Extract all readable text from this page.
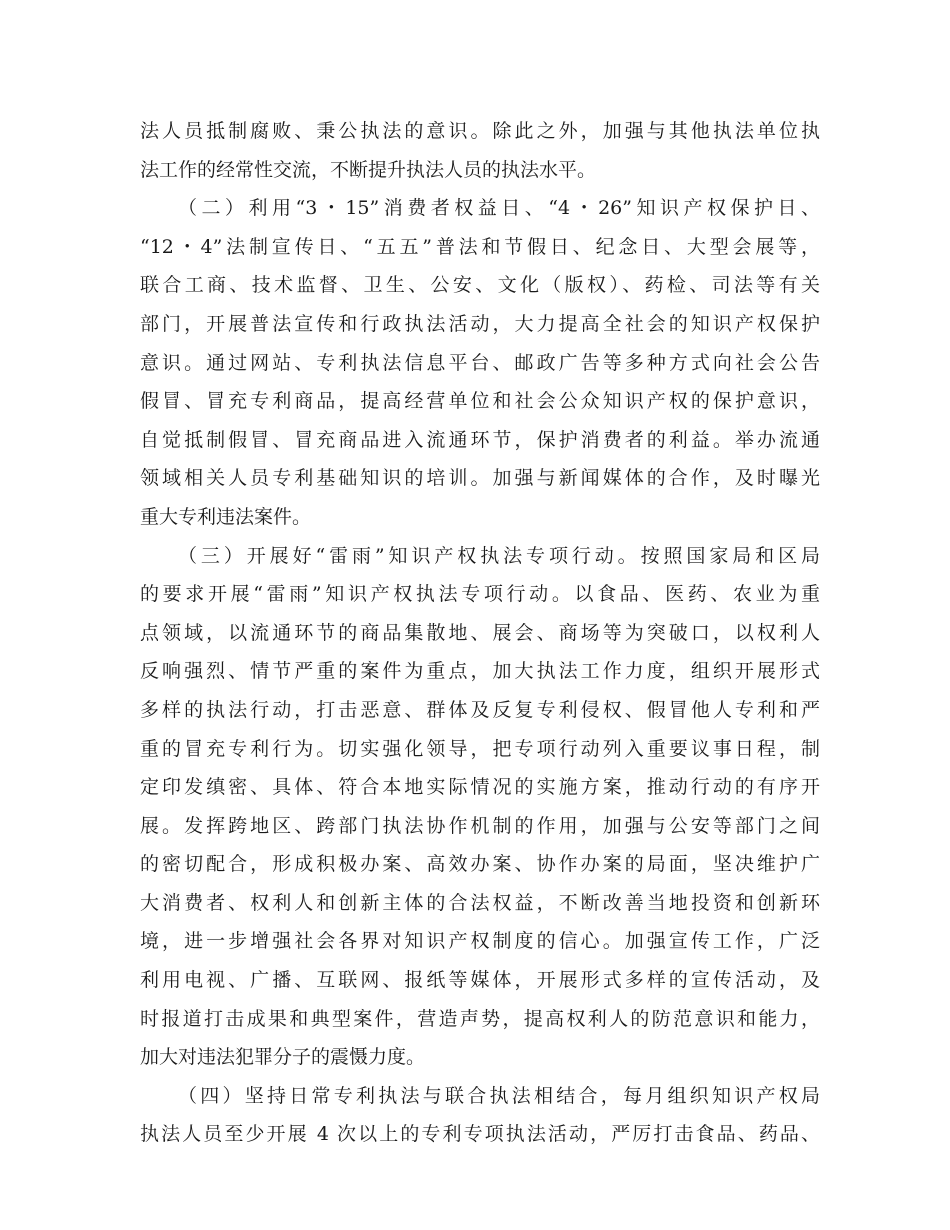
法人员抵制腐败、秉公执法的意识。除此之外，加强与其他执法单位执
法工作的经常性交流，不断提升执法人员的执法水平。
（二）利用“3・15”消费者权益日、“4・26”知识产权保护日、
“12・4”法制宣传日、“五五”普法和节假日、纪念日、大型会展等，
联合工商、技术监督、卫生、公安、文化（版权）、药检、司法等有关
部门，开展普法宣传和行政执法活动，大力提高全社会的知识产权保护
意识。通过网站、专利执法信息平台、邮政广告等多种方式向社会公告
假冒、冒充专利商品，提高经营单位和社会公众知识产权的保护意识，
自觉抵制假冒、冒充商品进入流通环节，保护消费者的利益。举办流通
领域相关人员专利基础知识的培训。加强与新闻媒体的合作，及时曝光
重大专利违法案件。
（三）开展好“雷雨”知识产权执法专项行动。按照国家局和区局
的要求开展“雷雨”知识产权执法专项行动。以食品、医药、农业为重
点领域，以流通环节的商品集散地、展会、商场等为突破口，以权利人
反响强烈、情节严重的案件为重点，加大执法工作力度，组织开展形式
多样的执法行动，打击恶意、群体及反复专利侵权、假冒他人专利和严
重的冒充专利行为。切实强化领导，把专项行动列入重要议事日程，制
定印发缜密、具体、符合本地实际情况的实施方案，推动行动的有序开
展。发挥跨地区、跨部门执法协作机制的作用，加强与公安等部门之间
的密切配合，形成积极办案、高效办案、协作办案的局面，坚决维护广
大消费者、权利人和创新主体的合法权益，不断改善当地投资和创新环
境，进一步增强社会各界对知识产权制度的信心。加强宣传工作，广泛
利用电视、广播、互联网、报纸等媒体，开展形式多样的宣传活动，及
时报道打击成果和典型案件，营造声势，提高权利人的防范意识和能力，
加大对违法犯罪分子的震慑力度。
（四）坚持日常专利执法与联合执法相结合，每月组织知识产权局
执法人员至少开展 4 次以上的专利专项执法活动，严厉打击食品、药品、
